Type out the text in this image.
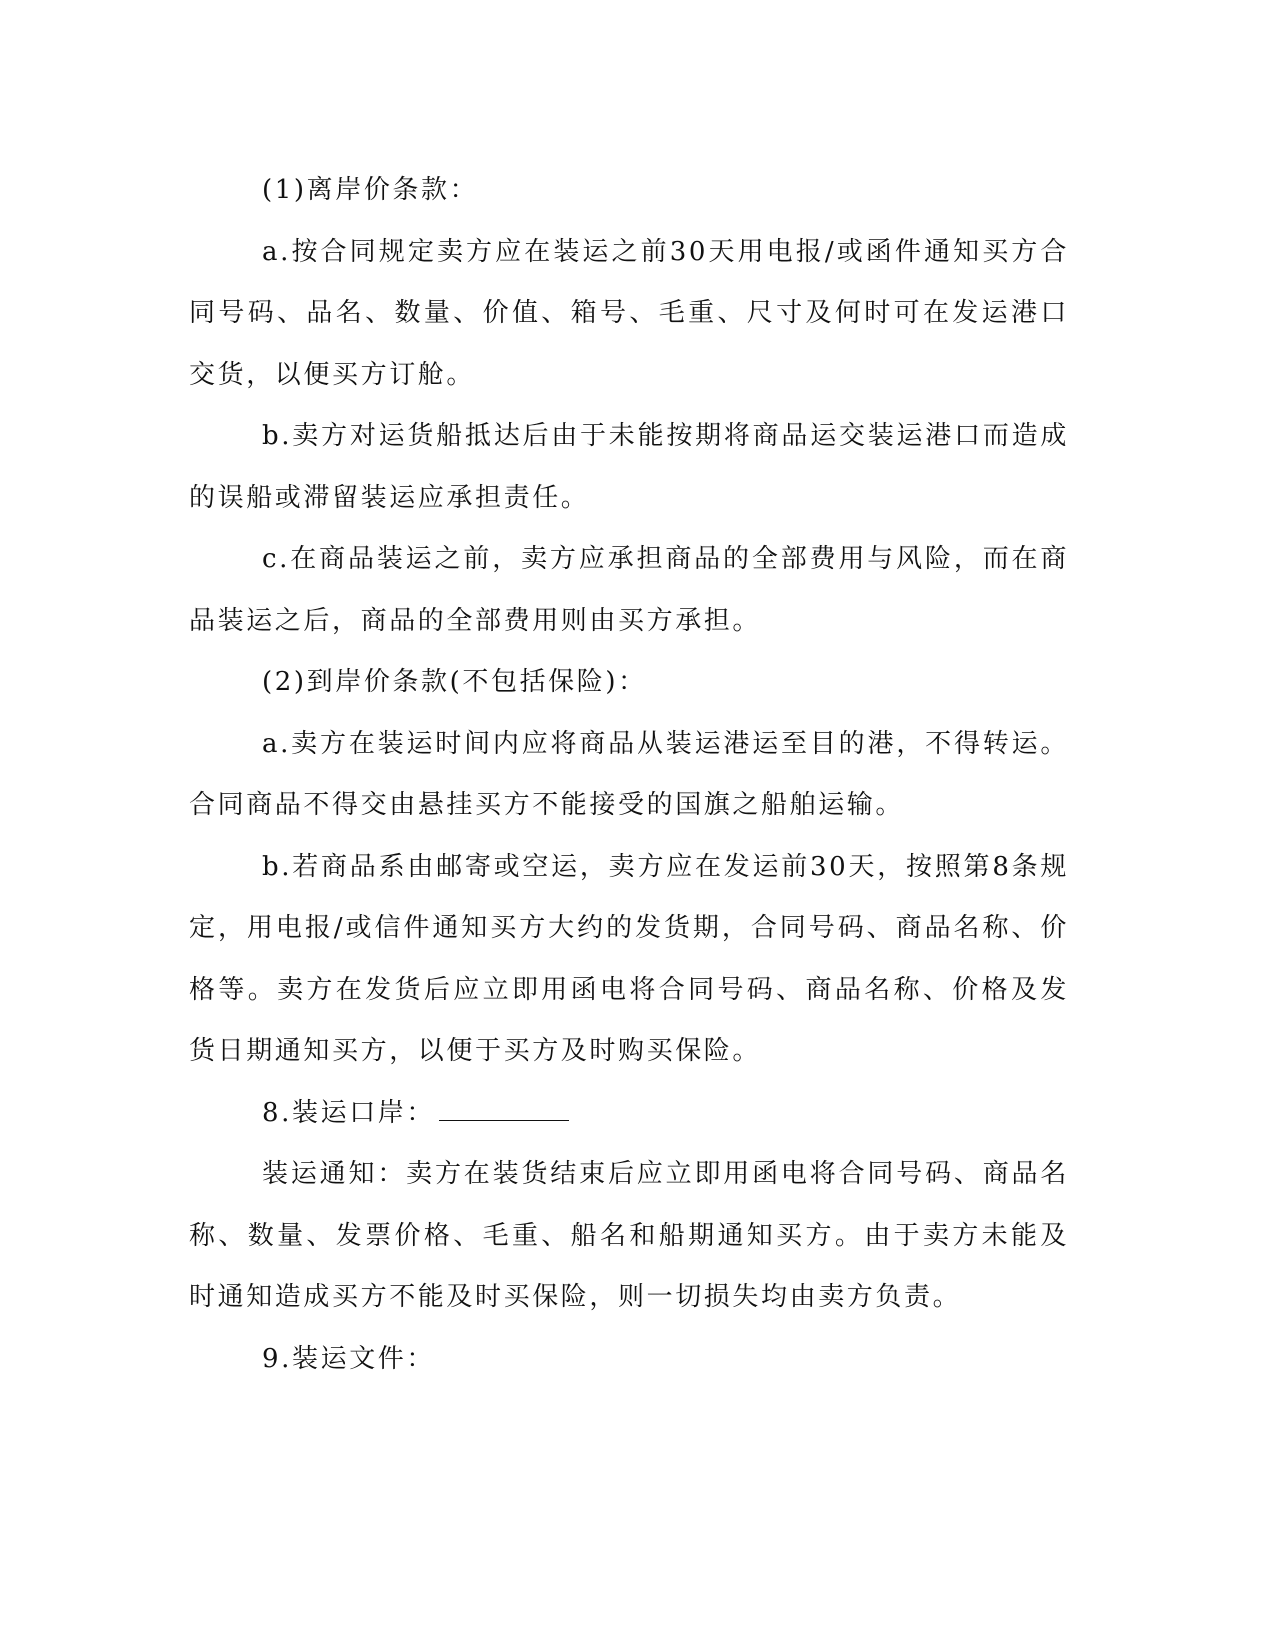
(1)离岸价条款：

a.按合同规定卖方应在装运之前30天用电报/或函件通知买方合同号码、品名、数量、价值、箱号、毛重、尺寸及何时可在发运港口交货，以便买方订舱。

b.卖方对运货船抵达后由于未能按期将商品运交装运港口而造成的误船或滞留装运应承担责任。

c.在商品装运之前，卖方应承担商品的全部费用与风险，而在商品装运之后，商品的全部费用则由买方承担。

(2)到岸价条款(不包括保险)：

a.卖方在装运时间内应将商品从装运港运至目的港，不得转运。合同商品不得交由悬挂买方不能接受的国旗之船舶运输。

b.若商品系由邮寄或空运，卖方应在发运前30天，按照第8条规定，用电报/或信件通知买方大约的发货期，合同号码、商品名称、价格等。卖方在发货后应立即用函电将合同号码、商品名称、价格及发货日期通知买方，以便于买方及时购买保险。

8.装运口岸：

装运通知：卖方在装货结束后应立即用函电将合同号码、商品名称、数量、发票价格、毛重、船名和船期通知买方。由于卖方未能及时通知造成买方不能及时买保险，则一切损失均由卖方负责。

9.装运文件：
